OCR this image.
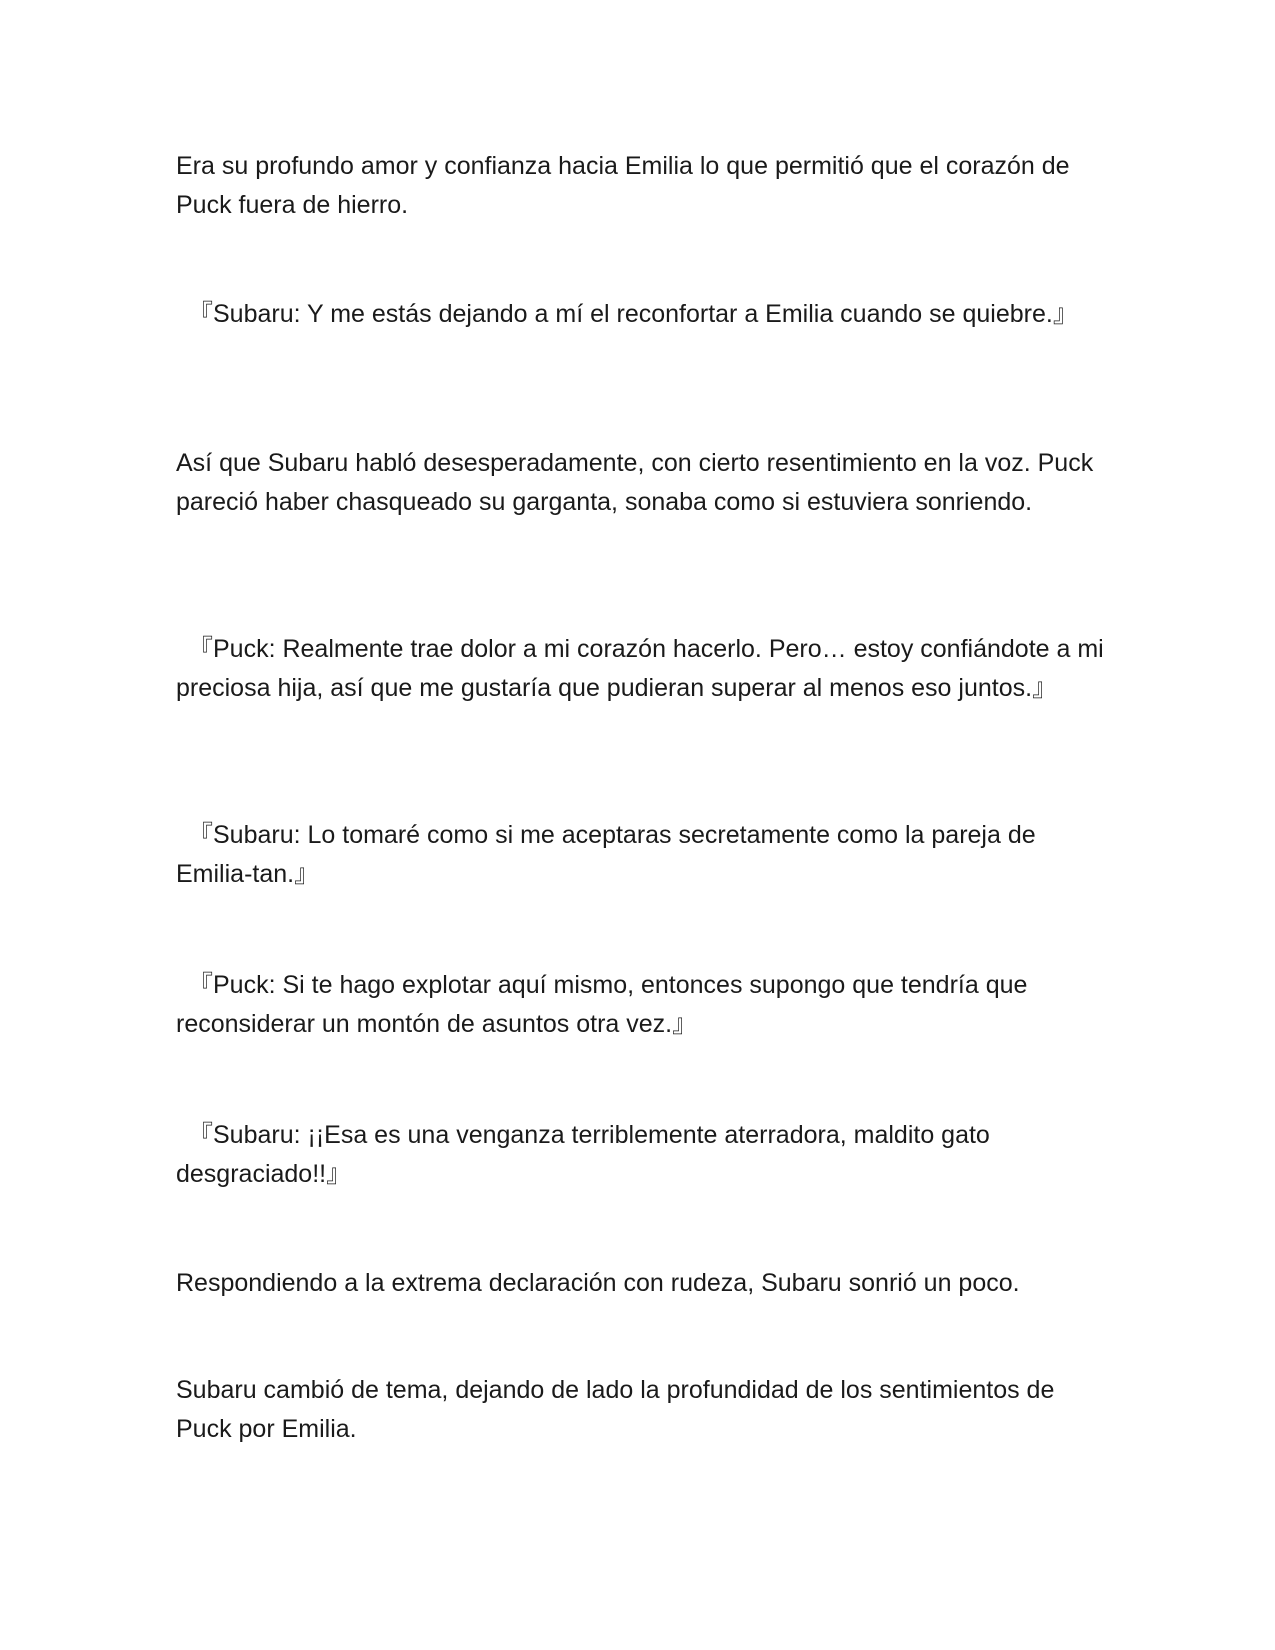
Era su profundo amor y confianza hacia Emilia lo que permitió que el corazón de Puck fuera de hierro.

『Subaru: Y me estás dejando a mí el reconfortar a Emilia cuando se quiebre.』

Así que Subaru habló desesperadamente, con cierto resentimiento en la voz. Puck pareció haber chasqueado su garganta, sonaba como si estuviera sonriendo.

『Puck: Realmente trae dolor a mi corazón hacerlo. Pero… estoy confiándote a mi preciosa hija, así que me gustaría que pudieran superar al menos eso juntos.』

『Subaru: Lo tomaré como si me aceptaras secretamente como la pareja de Emilia-tan.』

『Puck: Si te hago explotar aquí mismo, entonces supongo que tendría que reconsiderar un montón de asuntos otra vez.』

『Subaru: ¡¡Esa es una venganza terriblemente aterradora, maldito gato desgraciado!!』

Respondiendo a la extrema declaración con rudeza, Subaru sonrió un poco.

Subaru cambió de tema, dejando de lado la profundidad de los sentimientos de Puck por Emilia.
